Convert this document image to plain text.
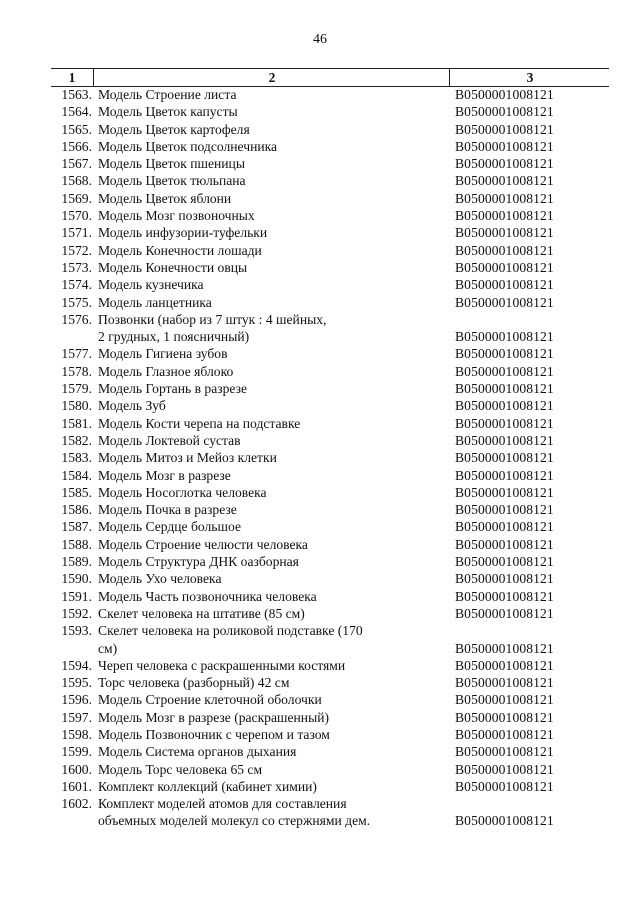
46
1	2	3
1563. Модель Строение листа	B0500001008121
1564. Модель Цветок капусты	B0500001008121
1565. Модель Цветок картофеля	B0500001008121
1566. Модель Цветок подсолнечника	B0500001008121
1567. Модель Цветок пшеницы	B0500001008121
1568. Модель Цветок тюльпана	B0500001008121
1569. Модель Цветок яблони	B0500001008121
1570. Модель Мозг позвоночных	B0500001008121
1571. Модель инфузории-туфельки	B0500001008121
1572. Модель Конечности лошади	B0500001008121
1573. Модель Конечности овцы	B0500001008121
1574. Модель кузнечика	B0500001008121
1575. Модель ланцетника	B0500001008121
1576. Позвонки (набор из 7 штук : 4 шейных,
2 грудных, 1 поясничный)	B0500001008121
1577. Модель Гигиена зубов	B0500001008121
1578. Модель Глазное яблоко	B0500001008121
1579. Модель Гортань в разрезе	B0500001008121
1580. Модель Зуб	B0500001008121
1581. Модель Кости черепа на подставке	B0500001008121
1582. Модель Локтевой сустав	B0500001008121
1583. Модель Митоз и Мейоз клетки	B0500001008121
1584. Модель Мозг в разрезе	B0500001008121
1585. Модель Носоглотка человека	B0500001008121
1586. Модель Почка в разрезе	B0500001008121
1587. Модель Сердце большое	B0500001008121
1588. Модель Строение челюсти человека	B0500001008121
1589. Модель Структура ДНК оазборная	B0500001008121
1590. Модель Ухо человека	B0500001008121
1591. Модель Часть позвоночника человека	B0500001008121
1592. Скелет человека на штативе (85 см)	B0500001008121
1593. Скелет человека на роликовой подставке (170
см)	B0500001008121
1594. Череп человека с раскрашенными костями	B0500001008121
1595. Торс человека (разборный) 42 см	B0500001008121
1596. Модель Строение клеточной оболочки	B0500001008121
1597. Модель Мозг в разрезе (раскрашенный)	B0500001008121
1598. Модель Позвоночник с черепом и тазом	B0500001008121
1599. Модель Система органов дыхания	B0500001008121
1600. Модель Торс человека 65 см	B0500001008121
1601. Комплект коллекций (кабинет химии)	B0500001008121
1602. Комплект моделей атомов для составления
объемных моделей молекул со стержнями дем.	B0500001008121
